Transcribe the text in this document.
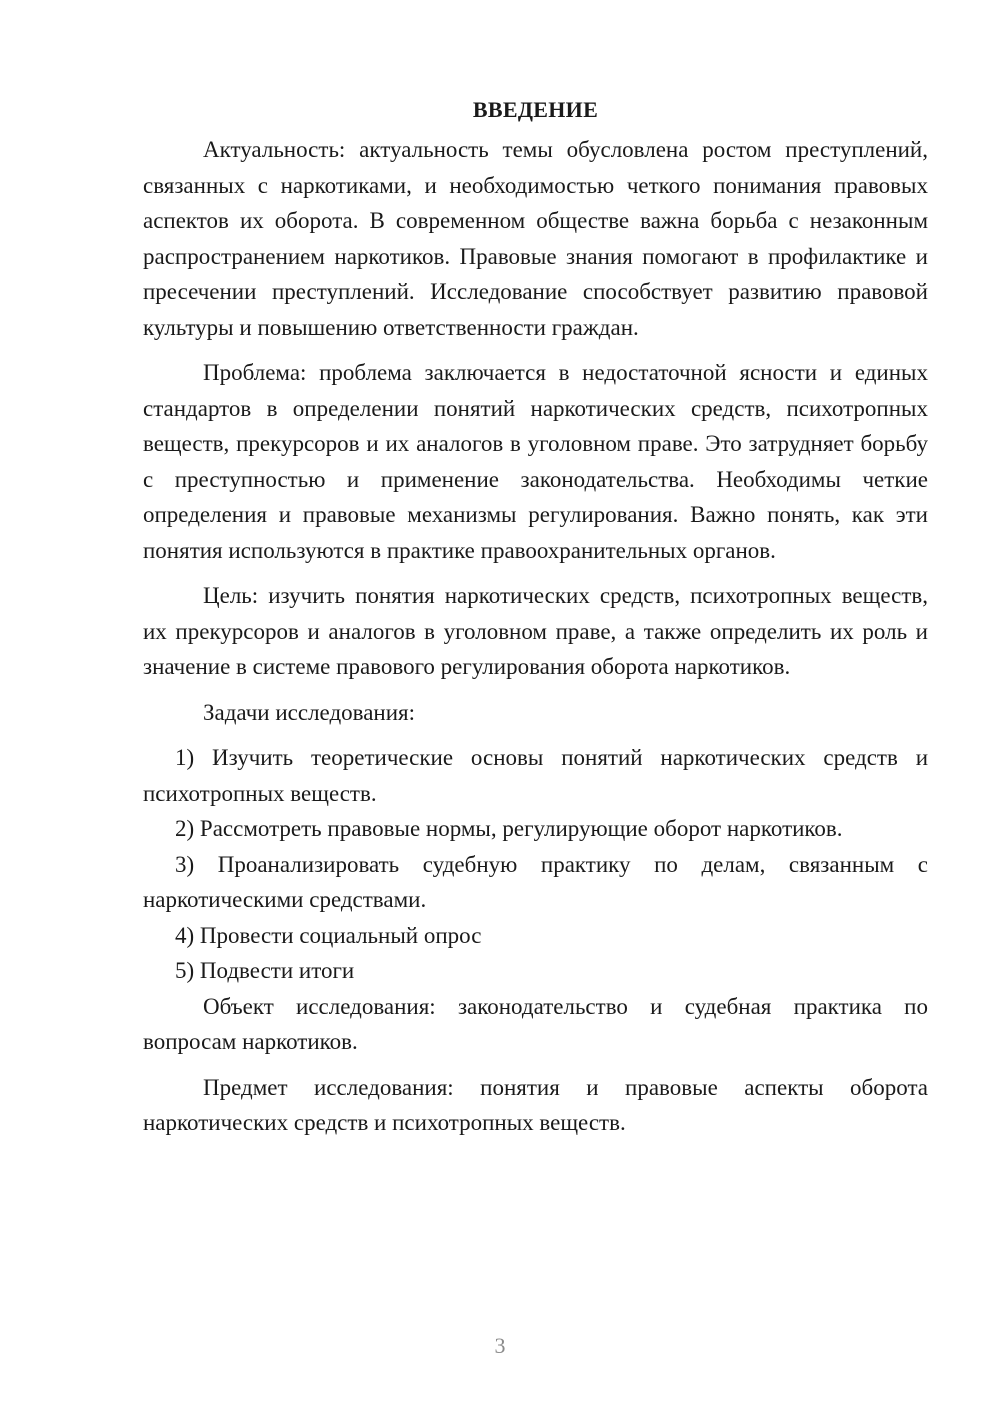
ВВЕДЕНИЕ

Актуальность: актуальность темы обусловлена ростом преступлений, связанных с наркотиками, и необходимостью четкого понимания правовых аспектов их оборота. В современном обществе важна борьба с незаконным распространением наркотиков. Правовые знания помогают в профилактике и пресечении преступлений. Исследование способствует развитию правовой культуры и повышению ответственности граждан.

Проблема: проблема заключается в недостаточной ясности и единых стандартов в определении понятий наркотических средств, психотропных веществ, прекурсоров и их аналогов в уголовном праве. Это затрудняет борьбу с преступностью и применение законодательства. Необходимы четкие определения и правовые механизмы регулирования. Важно понять, как эти понятия используются в практике правоохранительных органов.

Цель: изучить понятия наркотических средств, психотропных веществ, их прекурсоров и аналогов в уголовном праве, а также определить их роль и значение в системе правового регулирования оборота наркотиков.

Задачи исследования:

1) Изучить теоретические основы понятий наркотических средств и психотропных веществ.

2) Рассмотреть правовые нормы, регулирующие оборот наркотиков.

3) Проанализировать судебную практику по делам, связанным с наркотическими средствами.

4) Провести социальный опрос

5) Подвести итоги

Объект исследования: законодательство и судебная практика по вопросам наркотиков.

Предмет исследования: понятия и правовые аспекты оборота наркотических средств и психотропных веществ.

3
